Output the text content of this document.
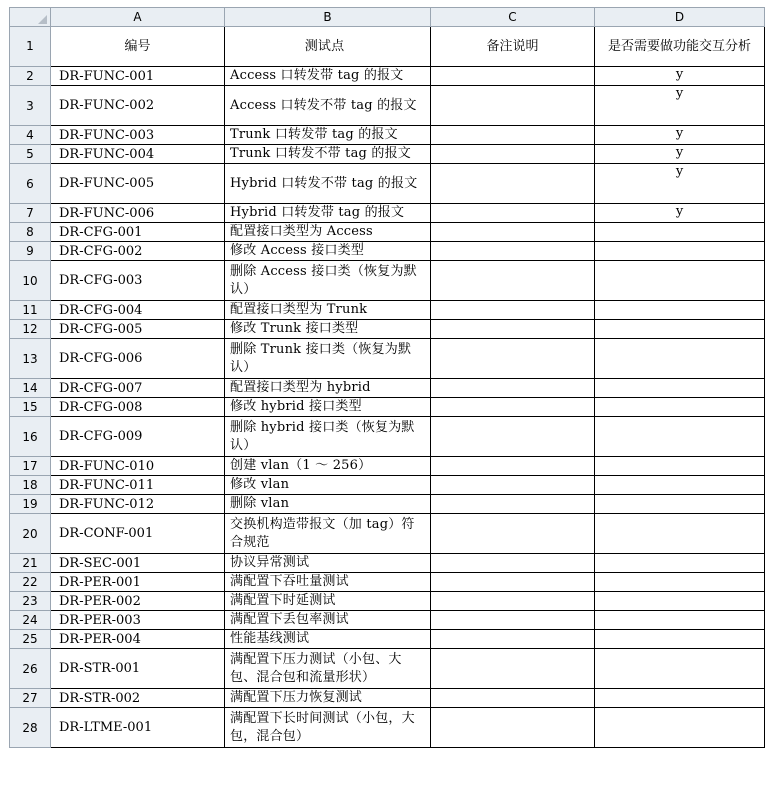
	A	B	C	D
1	编号	测试点	备注说明	是否需要做功能交互分析
2	DR-FUNC-001	Access 口转发带 tag 的报文		y
3	DR-FUNC-002	Access 口转发不带 tag 的报文		y
4	DR-FUNC-003	Trunk 口转发带 tag 的报文		y
5	DR-FUNC-004	Trunk 口转发不带 tag 的报文		y
6	DR-FUNC-005	Hybrid 口转发不带 tag 的报文		y
7	DR-FUNC-006	Hybrid 口转发带 tag 的报文		y
8	DR-CFG-001	配置接口类型为 Access		
9	DR-CFG-002	修改 Access 接口类型		
10	DR-CFG-003	删除 Access 接口类（恢复为默认）		
11	DR-CFG-004	配置接口类型为 Trunk		
12	DR-CFG-005	修改 Trunk 接口类型		
13	DR-CFG-006	删除 Trunk 接口类（恢复为默认）		
14	DR-CFG-007	配置接口类型为 hybrid		
15	DR-CFG-008	修改 hybrid 接口类型		
16	DR-CFG-009	删除 hybrid 接口类（恢复为默认）		
17	DR-FUNC-010	创建 vlan（1 ～ 256）		
18	DR-FUNC-011	修改 vlan		
19	DR-FUNC-012	删除 vlan		
20	DR-CONF-001	交换机构造带报文（加 tag）符合规范		
21	DR-SEC-001	协议异常测试		
22	DR-PER-001	满配置下吞吐量测试		
23	DR-PER-002	满配置下时延测试		
24	DR-PER-003	满配置下丢包率测试		
25	DR-PER-004	性能基线测试		
26	DR-STR-001	满配置下压力测试（小包、大包、混合包和流量形状）		
27	DR-STR-002	满配置下压力恢复测试		
28	DR-LTME-001	满配置下长时间测试（小包，大包，混合包）		
